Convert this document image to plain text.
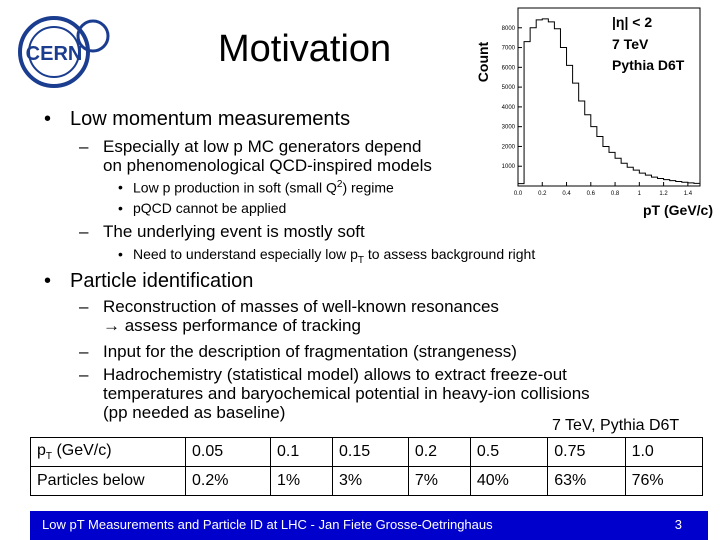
CERN	Motivation
1000
2000
3000
4000
5000
6000
7000
8000
0.0	0.2	0.4	0.6	0.8	1	1.2	1.4
Count
pT (GeV/c)
|η| < 2
7 TeV
Pythia D6T
• Low momentum measurements
– Especially at low p MC generators depend
on phenomenological QCD-inspired models
• Low p production in soft (small $Q^2$) regime
• pQCD cannot be applied
– The underlying event is mostly soft
• Need to understand especially low $p_T$ to assess background right
• Particle identification
– Reconstruction of masses of well-known resonances
→ assess performance of tracking
– Input for the description of fragmentation (strangeness)
– Hadrochemistry (statistical model) allows to extract freeze-out
temperatures and baryochemical potential in heavy-ion collisions
(pp needed as baseline)
7 TeV, Pythia D6T
$p_T$ (GeV/c)	0.05	0.1	0.15	0.2	0.5	0.75	1.0
Particles below	0.2%	1%	3%	7%	40%	63%	76%
Low pT Measurements and Particle ID at LHC - Jan Fiete Grosse-Oetringhaus	3
